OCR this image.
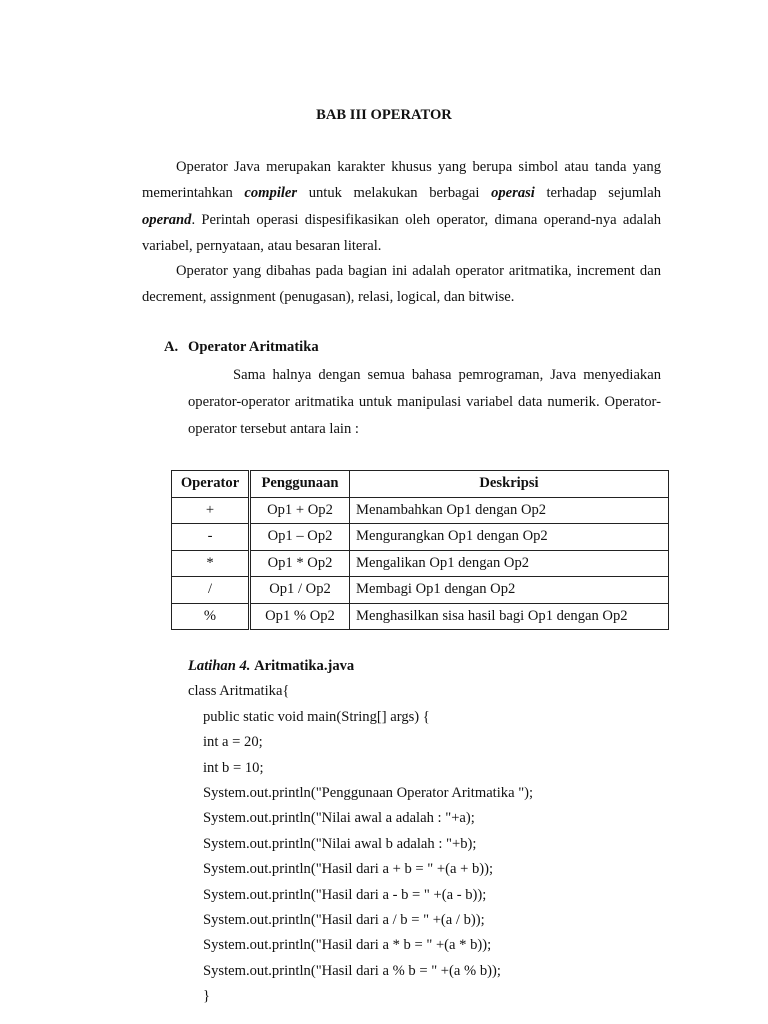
BAB III OPERATOR
Operator Java merupakan karakter khusus yang berupa simbol atau tanda yang memerintahkan compiler untuk melakukan berbagai operasi terhadap sejumlah operand. Perintah operasi dispesifikasikan oleh operator, dimana operand-nya adalah variabel, pernyataan, atau besaran literal.
Operator yang dibahas pada bagian ini adalah operator aritmatika, increment dan decrement, assignment (penugasan), relasi, logical, dan bitwise.
A. Operator Aritmatika
Sama halnya dengan semua bahasa pemrograman, Java menyediakan operator-operator aritmatika untuk manipulasi variabel data numerik. Operator-operator tersebut antara lain :
Operator	Penggunaan	Deskripsi
+	Op1 + Op2	Menambahkan Op1 dengan Op2
-	Op1 – Op2	Mengurangkan Op1 dengan Op2
*	Op1 * Op2	Mengalikan Op1 dengan Op2
/	Op1 / Op2	Membagi Op1 dengan Op2
%	Op1 % Op2	Menghasilkan sisa hasil bagi Op1 dengan Op2
Latihan 4. Aritmatika.java
class Aritmatika{
public static void main(String[] args) {
int a = 20;
int b = 10;
System.out.println("Penggunaan Operator Aritmatika ");
System.out.println("Nilai awal a adalah : "+a);
System.out.println("Nilai awal b adalah : "+b);
System.out.println("Hasil dari a + b = " +(a + b));
System.out.println("Hasil dari a - b = " +(a - b));
System.out.println("Hasil dari a / b = " +(a / b));
System.out.println("Hasil dari a * b = " +(a * b));
System.out.println("Hasil dari a % b = " +(a % b));
}
